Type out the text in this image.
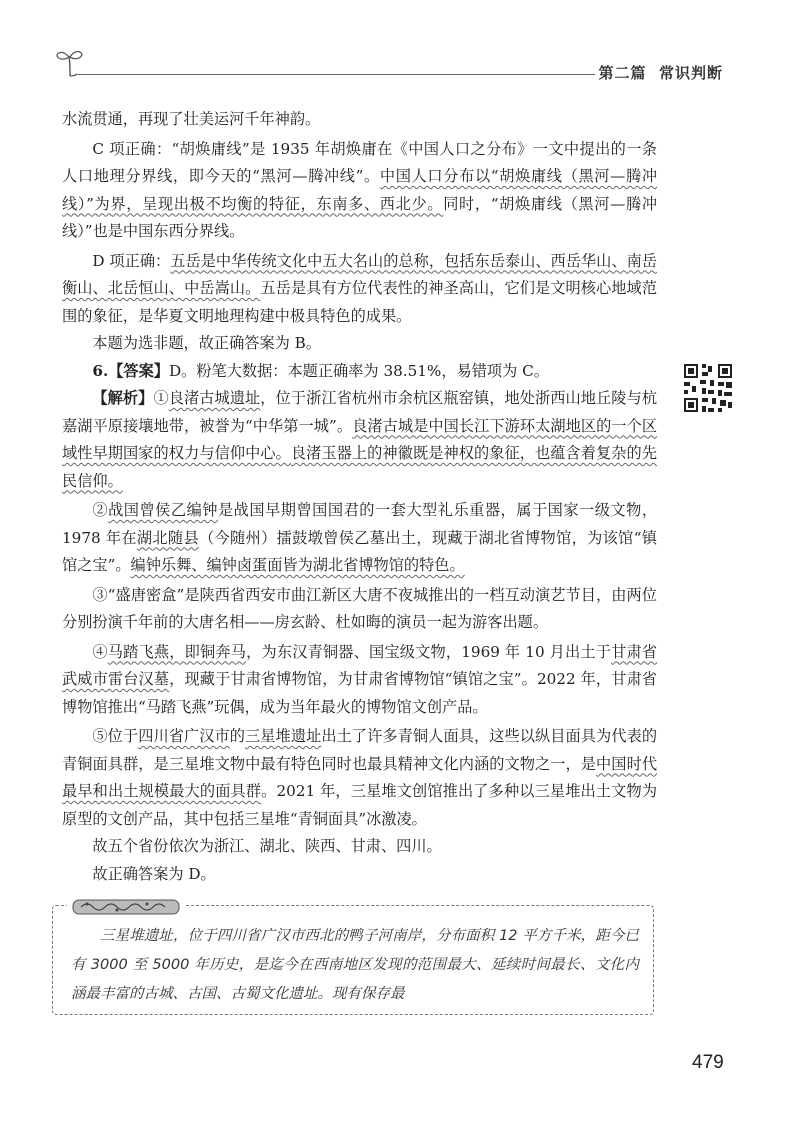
第二篇 常识判断

水流贯通，再现了壮美运河千年神韵。

C 项正确：“胡焕庸线”是 1935 年胡焕庸在《中国人口之分布》一文中提出的一条人口地理分界线，即今天的“黑河—腾冲线”。中国人口分布以“胡焕庸线（黑河—腾冲线）”为界，呈现出极不均衡的特征，东南多、西北少。同时，“胡焕庸线（黑河—腾冲线）”也是中国东西分界线。

D 项正确：五岳是中华传统文化中五大名山的总称，包括东岳泰山、西岳华山、南岳衡山、北岳恒山、中岳嵩山。五岳是具有方位代表性的神圣高山，它们是文明核心地域范围的象征，是华夏文明地理构建中极具特色的成果。

本题为选非题，故正确答案为 B。

6.【答案】D。粉笔大数据：本题正确率为 38.51%，易错项为 C。

【解析】①良渚古城遗址，位于浙江省杭州市余杭区瓶窑镇，地处浙西山地丘陵与杭嘉湖平原接壤地带，被誉为“中华第一城”。良渚古城是中国长江下游环太湖地区的一个区域性早期国家的权力与信仰中心。良渚玉器上的神徽既是神权的象征，也蕴含着复杂的先民信仰。

②战国曾侯乙编钟是战国早期曾国国君的一套大型礼乐重器，属于国家一级文物，1978 年在湖北随县（今随州）擂鼓墩曾侯乙墓出土，现藏于湖北省博物馆，为该馆“镇馆之宝”。编钟乐舞、编钟卤蛋面皆为湖北省博物馆的特色。

③“盛唐密盒”是陕西省西安市曲江新区大唐不夜城推出的一档互动演艺节目，由两位分别扮演千年前的大唐名相——房玄龄、杜如晦的演员一起为游客出题。

④马踏飞燕，即铜奔马，为东汉青铜器、国宝级文物，1969 年 10 月出土于甘肃省武威市雷台汉墓，现藏于甘肃省博物馆，为甘肃省博物馆“镇馆之宝”。2022 年，甘肃省博物馆推出“马踏飞燕”玩偶，成为当年最火的博物馆文创产品。

⑤位于四川省广汉市的三星堆遗址出土了许多青铜人面具，这些以纵目面具为代表的青铜面具群，是三星堆文物中最有特色同时也最具精神文化内涵的文物之一，是中国时代最早和出土规模最大的面具群。2021 年，三星堆文创馆推出了多种以三星堆出土文物为原型的文创产品，其中包括三星堆“青铜面具”冰激凌。

故五个省份依次为浙江、湖北、陕西、甘肃、四川。

故正确答案为 D。

三星堆遗址，位于四川省广汉市西北的鸭子河南岸，分布面积 12 平方千米，距今已有 3000 至 5000 年历史，是迄今在西南地区发现的范围最大、延续时间最长、文化内涵最丰富的古城、古国、古蜀文化遗址。现有保存最
479
